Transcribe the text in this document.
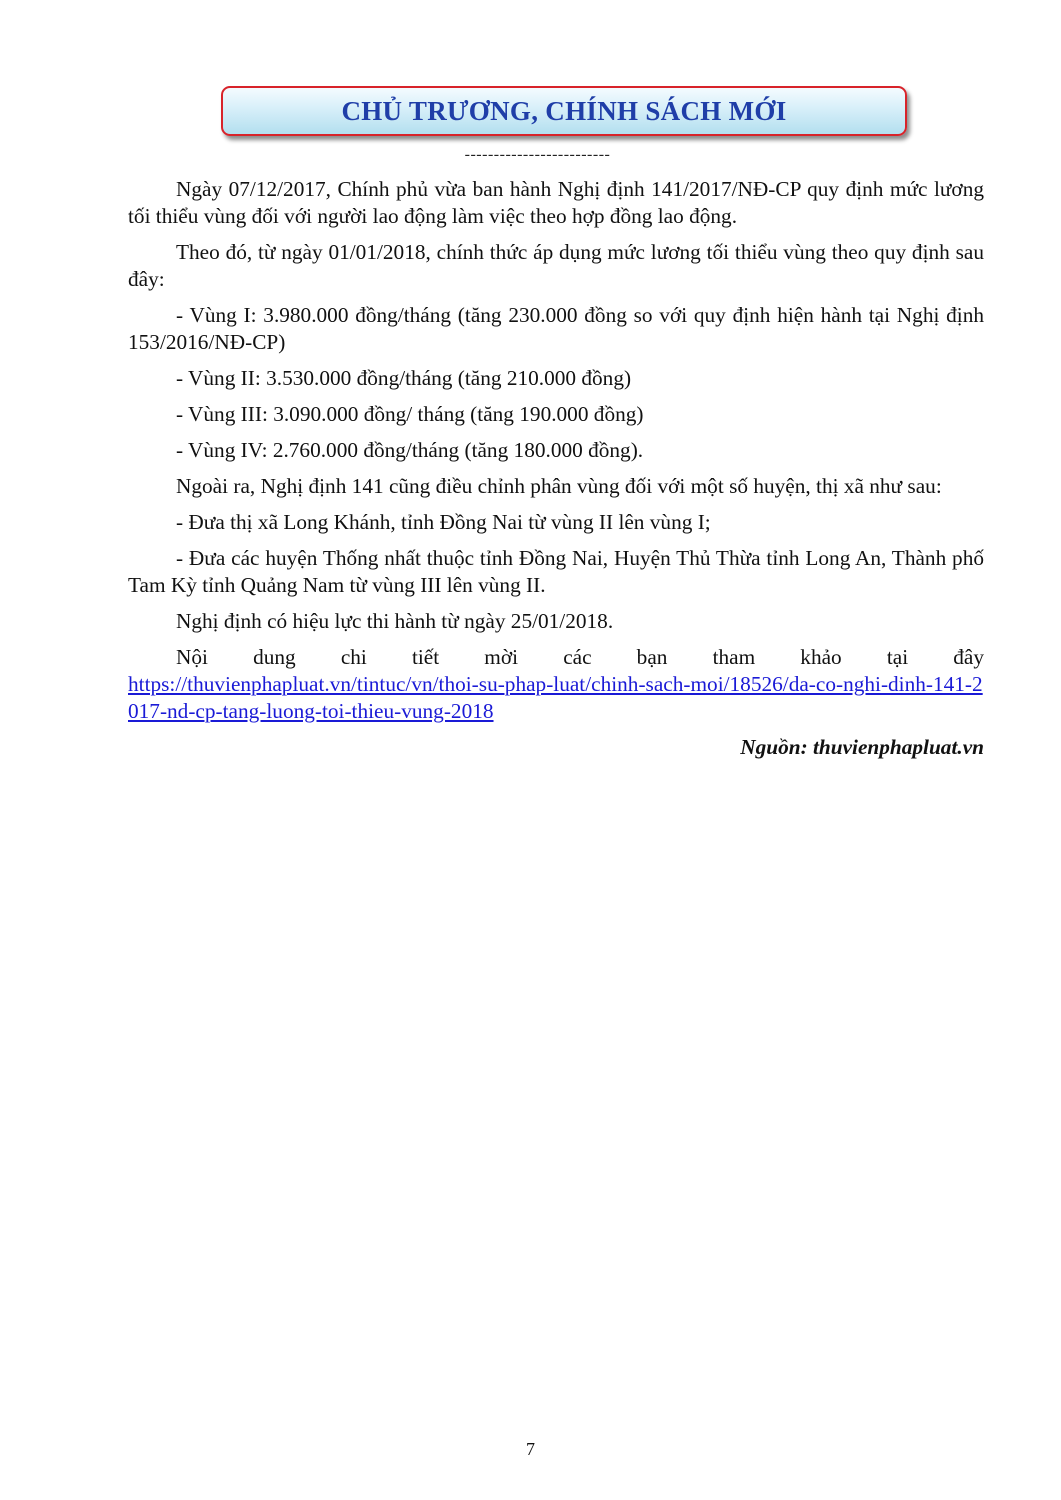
CHỦ TRƯƠNG, CHÍNH SÁCH MỚI
-------------------------

Ngày 07/12/2017, Chính phủ vừa ban hành Nghị định 141/2017/NĐ-CP quy định mức lương tối thiểu vùng đối với người lao động làm việc theo hợp đồng lao động.

Theo đó, từ ngày 01/01/2018, chính thức áp dụng mức lương tối thiểu vùng theo quy định sau đây:

- Vùng I: 3.980.000 đồng/tháng (tăng 230.000 đồng so với quy định hiện hành tại Nghị định 153/2016/NĐ-CP)

- Vùng II: 3.530.000 đồng/tháng (tăng 210.000 đồng)

- Vùng III: 3.090.000 đồng/ tháng (tăng 190.000 đồng)

- Vùng IV: 2.760.000 đồng/tháng (tăng 180.000 đồng).

Ngoài ra, Nghị định 141 cũng điều chỉnh phân vùng đối với một số huyện, thị xã như sau:

- Đưa thị xã Long Khánh, tỉnh Đồng Nai từ vùng II lên vùng I;

- Đưa các huyện Thống nhất thuộc tỉnh Đồng Nai, Huyện Thủ Thừa tỉnh Long An, Thành phố Tam Kỳ tỉnh Quảng Nam từ vùng III lên vùng II.

Nghị định có hiệu lực thi hành từ ngày 25/01/2018.

Nội dung chi tiết mời các bạn tham khảo tại đây

https://thuvienphapluat.vn/tintuc/vn/thoi-su-phap-luat/chinh-sach-moi/18526/da-co-nghi-dinh-141-2017-nd-cp-tang-luong-toi-thieu-vung-2018

Nguồn: thuvienphapluat.vn

7
